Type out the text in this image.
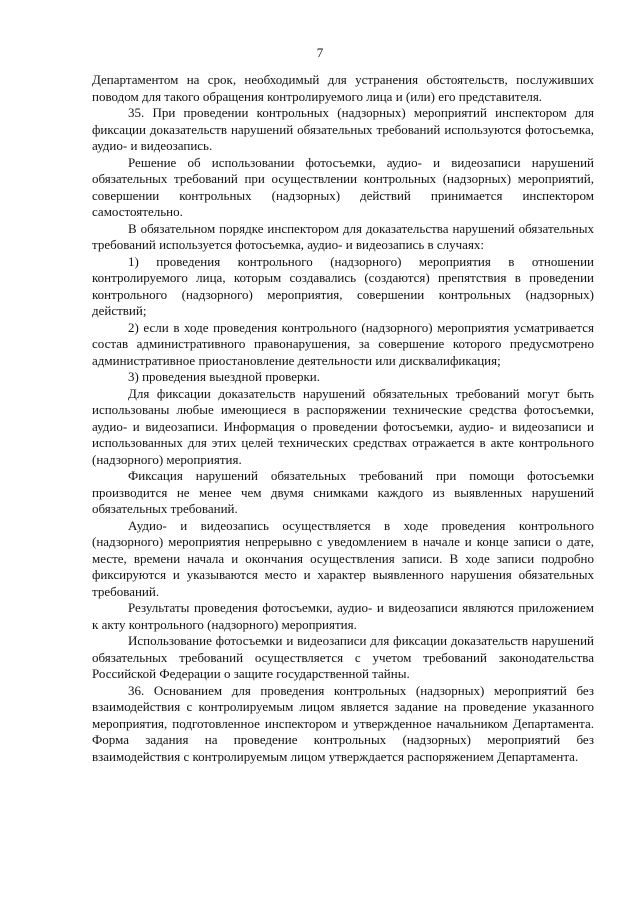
7

Департаментом на срок, необходимый для устранения обстоятельств, послуживших поводом для такого обращения контролируемого лица и (или) его представителя.

35. При проведении контрольных (надзорных) мероприятий инспектором для фиксации доказательств нарушений обязательных требований используются фотосъемка, аудио- и видеозапись.

Решение об использовании фотосъемки, аудио- и видеозаписи нарушений обязательных требований при осуществлении контрольных (надзорных) мероприятий, совершении контрольных (надзорных) действий принимается инспектором самостоятельно.

В обязательном порядке инспектором для доказательства нарушений обязательных требований используется фотосъемка, аудио- и видеозапись в случаях:

1) проведения контрольного (надзорного) мероприятия в отношении контролируемого лица, которым создавались (создаются) препятствия в проведении контрольного (надзорного) мероприятия, совершении контрольных (надзорных) действий;

2) если в ходе проведения контрольного (надзорного) мероприятия усматривается состав административного правонарушения, за совершение которого предусмотрено административное приостановление деятельности или дисквалификация;

3) проведения выездной проверки.

Для фиксации доказательств нарушений обязательных требований могут быть использованы любые имеющиеся в распоряжении технические средства фотосъемки, аудио- и видеозаписи. Информация о проведении фотосъемки, аудио- и видеозаписи и использованных для этих целей технических средствах отражается в акте контрольного (надзорного) мероприятия.

Фиксация нарушений обязательных требований при помощи фотосъемки производится не менее чем двумя снимками каждого из выявленных нарушений обязательных требований.

Аудио- и видеозапись осуществляется в ходе проведения контрольного (надзорного) мероприятия непрерывно с уведомлением в начале и конце записи о дате, месте, времени начала и окончания осуществления записи. В ходе записи подробно фиксируются и указываются место и характер выявленного нарушения обязательных требований.

Результаты проведения фотосъемки, аудио- и видеозаписи являются приложением к акту контрольного (надзорного) мероприятия.

Использование фотосъемки и видеозаписи для фиксации доказательств нарушений обязательных требований осуществляется с учетом требований законодательства Российской Федерации о защите государственной тайны.

36. Основанием для проведения контрольных (надзорных) мероприятий без взаимодействия с контролируемым лицом является задание на проведение указанного мероприятия, подготовленное инспектором и утвержденное начальником Департамента. Форма задания на проведение контрольных (надзорных) мероприятий без взаимодействия с контролируемым лицом утверждается распоряжением Департамента.
